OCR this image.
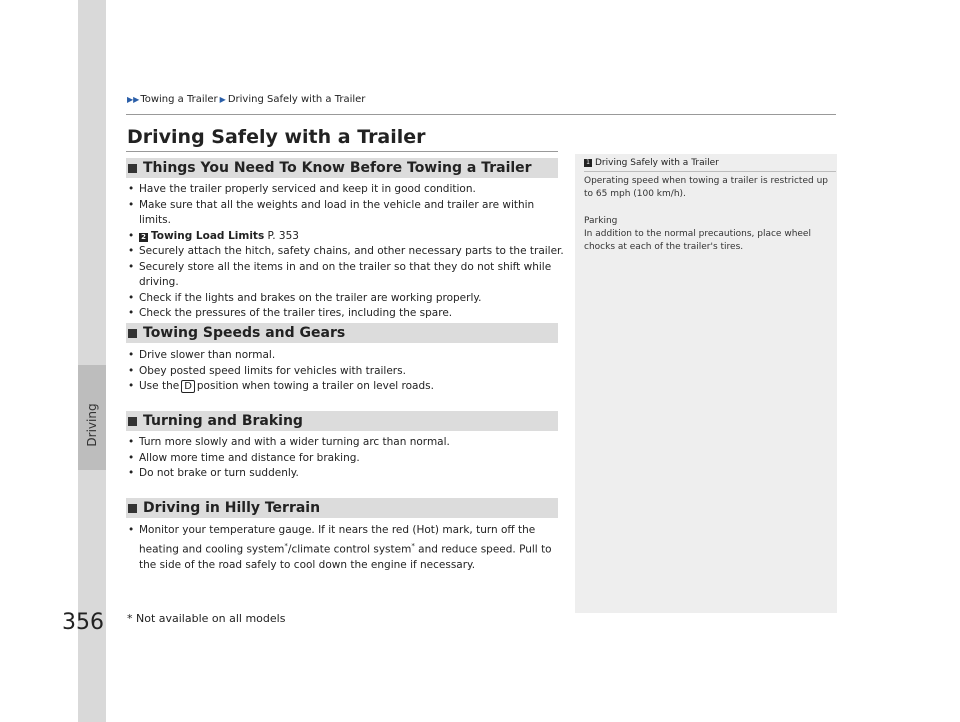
Driving
▶▶ Towing a Trailer ▶ Driving Safely with a Trailer
Driving Safely with a Trailer
Things You Need To Know Before Towing a Trailer
• Have the trailer properly serviced and keep it in good condition.
• Make sure that all the weights and load in the vehicle and trailer are within limits.
• 2 Towing Load Limits P. 353
• Securely attach the hitch, safety chains, and other necessary parts to the trailer.
• Securely store all the items in and on the trailer so that they do not shift while driving.
• Check if the lights and brakes on the trailer are working properly.
• Check the pressures of the trailer tires, including the spare.
Towing Speeds and Gears
• Drive slower than normal.
• Obey posted speed limits for vehicles with trailers.
• Use the D position when towing a trailer on level roads.
Turning and Braking
• Turn more slowly and with a wider turning arc than normal.
• Allow more time and distance for braking.
• Do not brake or turn suddenly.
Driving in Hilly Terrain
• Monitor your temperature gauge. If it nears the red (Hot) mark, turn off the heating and cooling system*/climate control system* and reduce speed. Pull to the side of the road safely to cool down the engine if necessary.
1 Driving Safely with a Trailer
Operating speed when towing a trailer is restricted up to 65 mph (100 km/h).
Parking
In addition to the normal precautions, place wheel chocks at each of the trailer's tires.
356 * Not available on all models
